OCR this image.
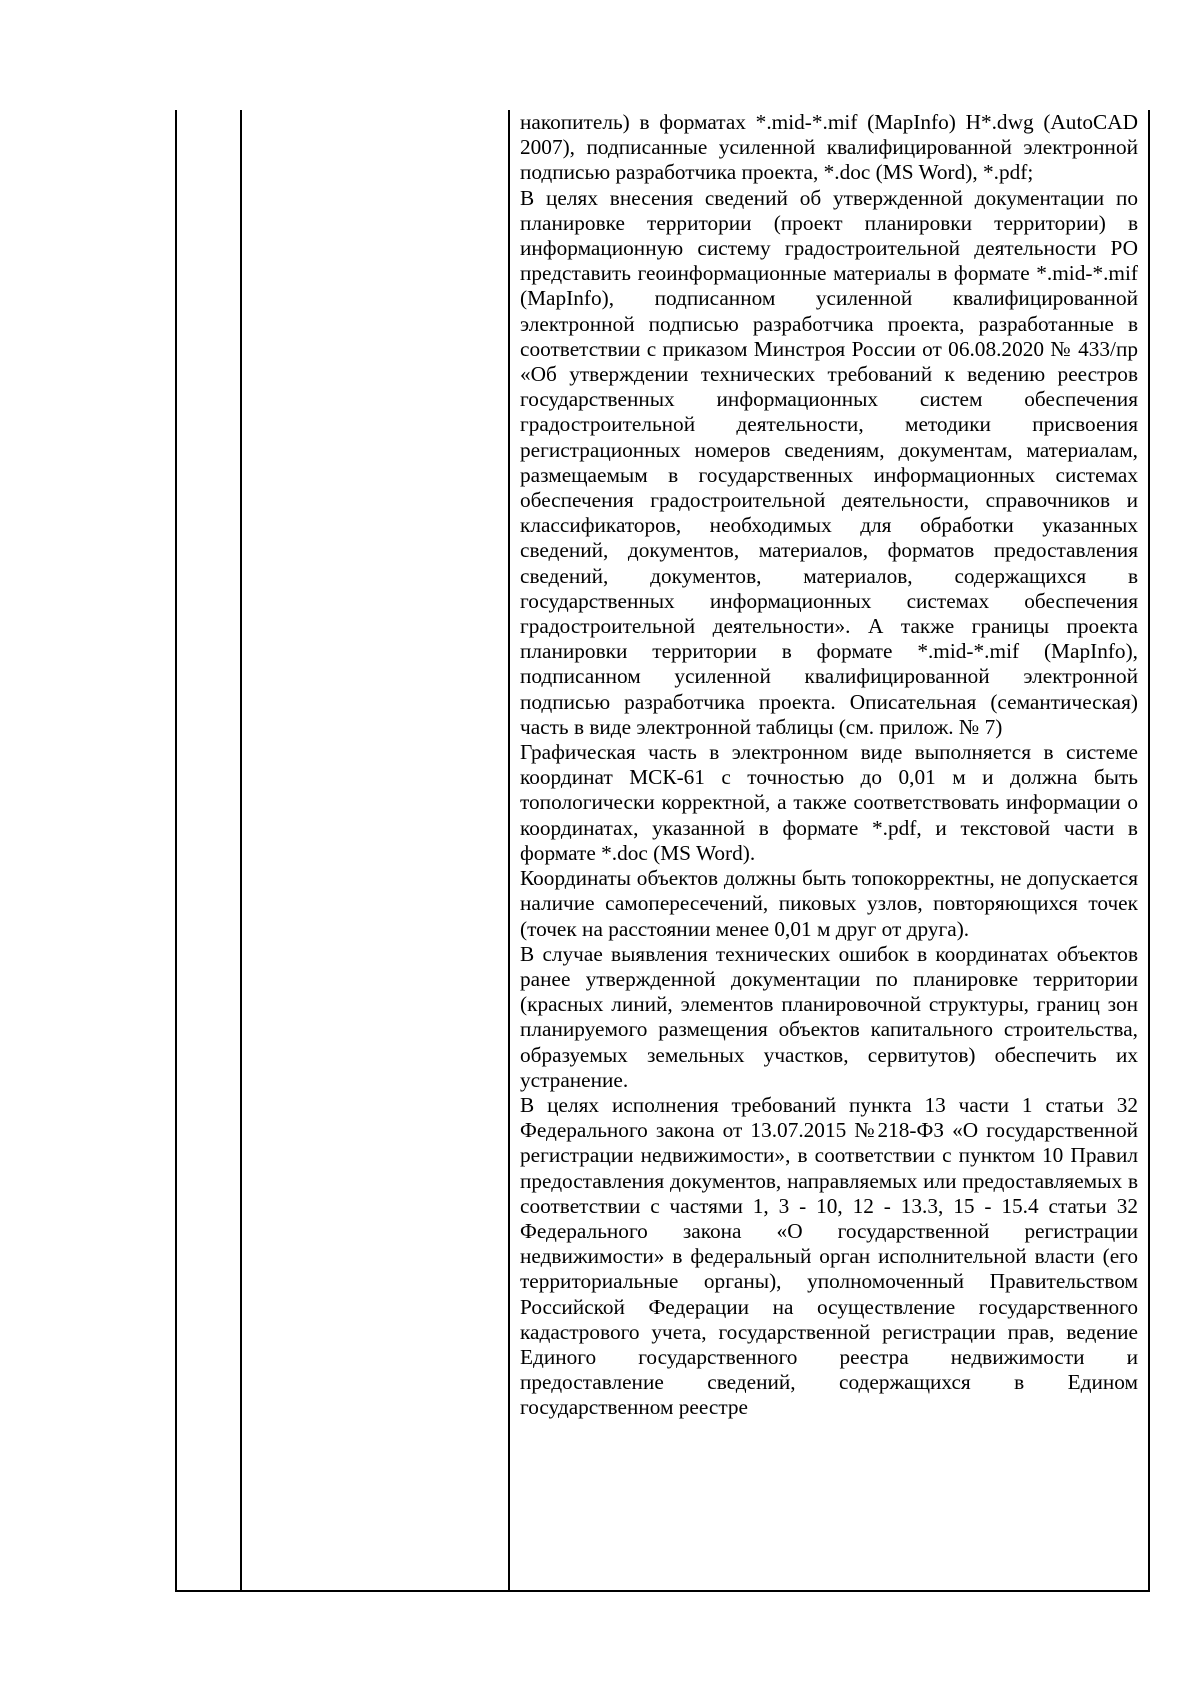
накопитель) в форматах *.mid-*.mif (MapInfo) H*.dwg (AutoCAD 2007), подписанные усиленной квалифицированной электронной подписью разработчика проекта, *.doc (MS Word), *.pdf;

В целях внесения сведений об утвержденной документации по планировке территории (проект планировки территории) в информационную систему градостроительной деятельности РО представить геоинформационные материалы в формате *.mid-*.mif (MapInfo), подписанном усиленной квалифицированной электронной подписью разработчика проекта, разработанные в соответствии с приказом Минстроя России от 06.08.2020 № 433/пр «Об утверждении технических требований к ведению реестров государственных информационных систем обеспечения градостроительной деятельности, методики присвоения регистрационных номеров сведениям, документам, материалам, размещаемым в государственных информационных системах обеспечения градостроительной деятельности, справочников и классификаторов, необходимых для обработки указанных сведений, документов, материалов, форматов предоставления сведений, документов, материалов, содержащихся в государственных информационных системах обеспечения градостроительной деятельности». А также границы проекта планировки территории в формате *.mid-*.mif (MapInfo), подписанном усиленной квалифицированной электронной подписью разработчика проекта. Описательная (семантическая) часть в виде электронной таблицы (см. прилож. № 7)

Графическая часть в электронном виде выполняется в системе координат МСК-61 с точностью до 0,01 м и должна быть топологически корректной, а также соответствовать информации о координатах, указанной в формате *.pdf, и текстовой части в формате *.doc (MS Word).

Координаты объектов должны быть топокорректны, не допускается наличие самопересечений, пиковых узлов, повторяющихся точек (точек на расстоянии менее 0,01 м друг от друга).

В случае выявления технических ошибок в координатах объектов ранее утвержденной документации по планировке территории (красных линий, элементов планировочной структуры, границ зон планируемого размещения объектов капитального строительства, образуемых земельных участков, сервитутов) обеспечить их устранение.

В целях исполнения требований пункта 13 части 1 статьи 32 Федерального закона от 13.07.2015 №218-ФЗ «О государственной регистрации недвижимости», в соответствии с пунктом 10 Правил предоставления документов, направляемых или предоставляемых в соответствии с частями 1, 3 - 10, 12 - 13.3, 15 - 15.4 статьи 32 Федерального закона «О государственной регистрации недвижимости» в федеральный орган исполнительной власти (его территориальные органы), уполномоченный Правительством Российской Федерации на осуществление государственного кадастрового учета, государственной регистрации прав, ведение Единого государственного реестра недвижимости и предоставление сведений, содержащихся в Едином государственном реестре
